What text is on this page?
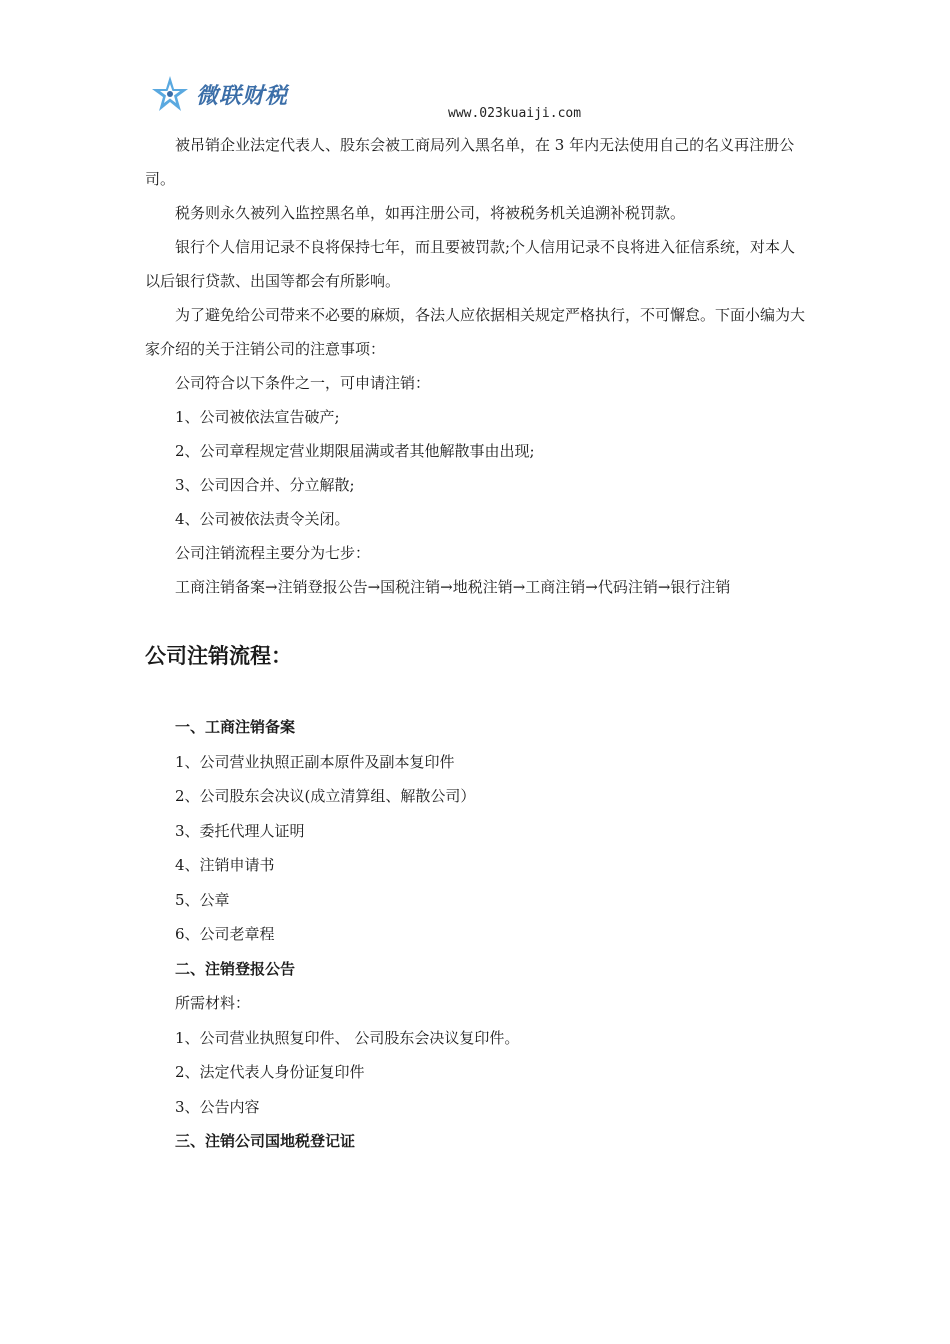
微联财税
www.023kuaiji.com

被吊销企业法定代表人、股东会被工商局列入黑名单，在 3 年内无法使用自己的名义再注册公司。

税务则永久被列入监控黑名单，如再注册公司，将被税务机关追溯补税罚款。

银行个人信用记录不良将保持七年，而且要被罚款;个人信用记录不良将进入征信系统，对本人以后银行贷款、出国等都会有所影响。

为了避免给公司带来不必要的麻烦，各法人应依据相关规定严格执行，不可懈怠。下面小编为大家介绍的关于注销公司的注意事项：

公司符合以下条件之一，可申请注销：

1、公司被依法宣告破产;

2、公司章程规定营业期限届满或者其他解散事由出现;

3、公司因合并、分立解散;

4、公司被依法责令关闭。

公司注销流程主要分为七步：

工商注销备案→注销登报公告→国税注销→地税注销→工商注销→代码注销→银行注销

公司注销流程：

一、工商注销备案

1、公司营业执照正副本原件及副本复印件

2、公司股东会决议(成立清算组、解散公司）

3、委托代理人证明

4、注销申请书

5、公章

6、公司老章程

二、注销登报公告

所需材料：

1、公司营业执照复印件、 公司股东会决议复印件。

2、法定代表人身份证复印件

3、公告内容

三、注销公司国地税登记证
